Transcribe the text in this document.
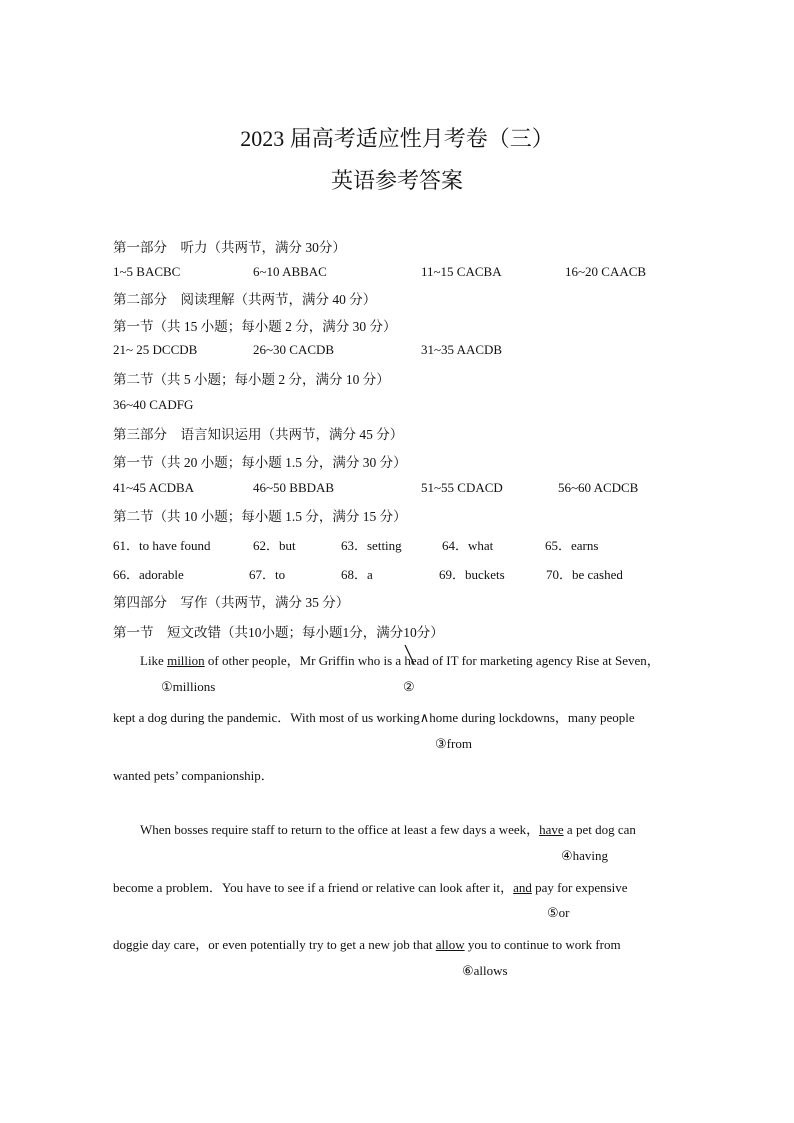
2023 届高考适应性月考卷（三）
英语参考答案
第一部分　听力（共两节，满分 30分）
1~5 BACBC	6~10 ABBAC	11~15 CACBA	16~20 CAACB
第二部分　阅读理解（共两节，满分 40 分）
第一节（共 15 小题；每小题 2 分，满分 30 分）
21~ 25 DCCDB	26~30 CACDB	31~35 AACDB
第二节（共 5 小题；每小题 2 分，满分 10 分）
36~40 CADFG
第三部分　语言知识运用（共两节，满分 45 分）
第一节（共 20 小题；每小题 1.5 分，满分 30 分）
41~45 ACDBA	46~50 BBDAB	51~55 CDACD	56~60 ACDCB
第二节（共 10 小题；每小题 1.5 分，满分 15 分）
61．to have found	62．but	63．setting	64．what	65．earns
66．adorable	67．to	68．a	69．buckets	70．be cashed
第四部分　写作（共两节，满分 35 分）
第一节　短文改错（共10小题；每小题1分，满分10分）
Like million of other people，Mr Griffin who is a head of IT for marketing agency Rise at Seven，
①millions	②
kept a dog during the pandemic．With most of us working∧home during lockdowns，many people
③from
wanted pets’ companionship．
When bosses require staff to return to the office at least a few days a week，have a pet dog can
④having
become a problem．You have to see if a friend or relative can look after it，and pay for expensive
⑤or
doggie day care，or even potentially try to get a new job that allow you to continue to work from
⑥allows
